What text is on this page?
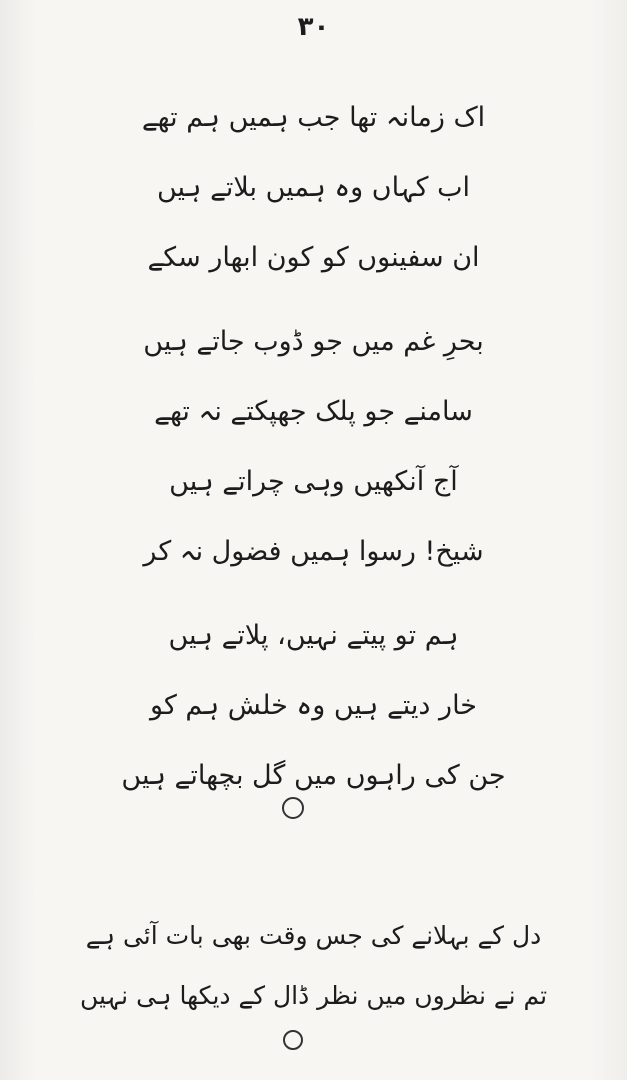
۳۰
اک زمانہ تھا جب ہمیں ہم تھے
اب کہاں وہ ہمیں بلاتے ہیں
ان سفینوں کو کون ابھار سکے
بحرِ غم میں جو ڈوب جاتے ہیں
سامنے جو پلک جھپکتے نہ تھے
آج آنکھیں وہی چراتے ہیں
شیخ! رسوا ہمیں فضول نہ کر
ہم تو پیتے نہیں، پلاتے ہیں
خار دیتے ہیں وہ خلش ہم کو
جن کی راہوں میں گل بچھاتے ہیں
دل کے بہلانے کی جس وقت بھی بات آئی ہے
تم نے نظروں میں نظر ڈال کے دیکھا ہی نہیں
